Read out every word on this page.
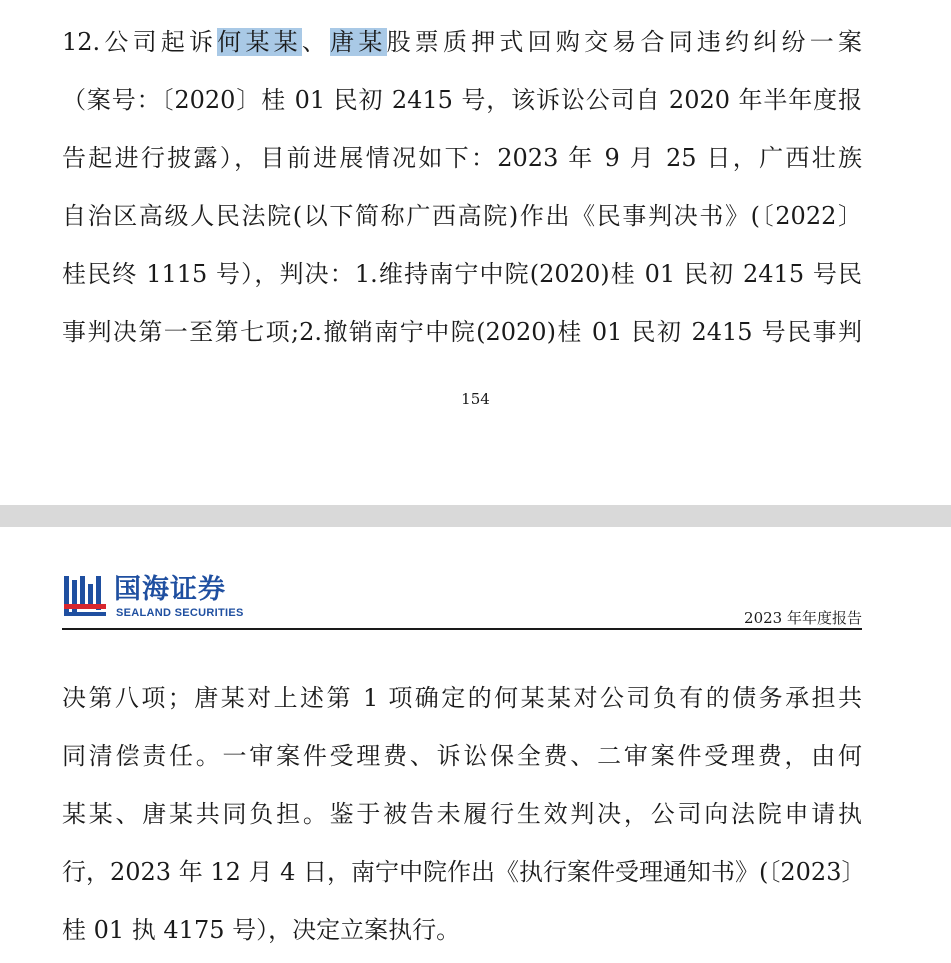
12.公司起诉何某某、唐某股票质押式回购交易合同违约纠纷一案
（案号：〔2020〕桂 01 民初 2415 号，该诉讼公司自 2020 年半年度报
告起进行披露），目前进展情况如下：2023 年 9 月 25 日，广西壮族
自治区高级人民法院(以下简称广西高院)作出《民事判决书》(〔2022〕
桂民终 1115 号），判决：1.维持南宁中院(2020)桂 01 民初 2415 号民
事判决第一至第七项;2.撤销南宁中院(2020)桂 01 民初 2415 号民事判
154
国海证券
SEALAND SECURITIES	2023 年年度报告
决第八项；唐某对上述第 1 项确定的何某某对公司负有的债务承担共
同清偿责任。一审案件受理费、诉讼保全费、二审案件受理费，由何
某某、唐某共同负担。鉴于被告未履行生效判决，公司向法院申请执
行，2023 年 12 月 4 日，南宁中院作出《执行案件受理通知书》(〔2023〕
桂 01 执 4175 号），决定立案执行。
